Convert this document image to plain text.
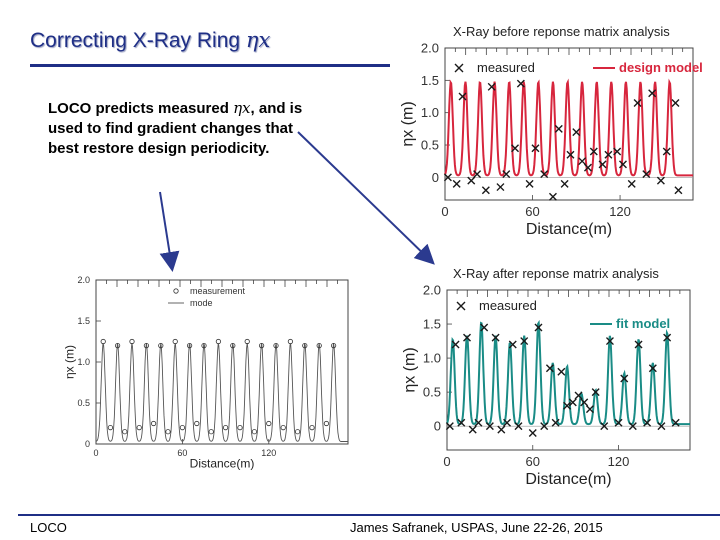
Correcting X-Ray Ring ηx
LOCO predicts measured ηx, and is used to find gradient changes that best restore design periodicity.
0
0.5
1.0
1.5
2.0
0	60	120
Distance(m)
ηx (m)
X-Ray before reponse matrix analysis
measured	design model
0
0.5
1.0
1.5
2.0
0	60	120
Distance(m)
ηx (m)
X-Ray after reponse matrix analysis
measured
fit model
0
0.5
1.0
1.5
2.0
0	60	120
Distance(m)
ηx (m)
measurement
mode
LOCO	James Safranek, USPAS, June 22-26, 2015
